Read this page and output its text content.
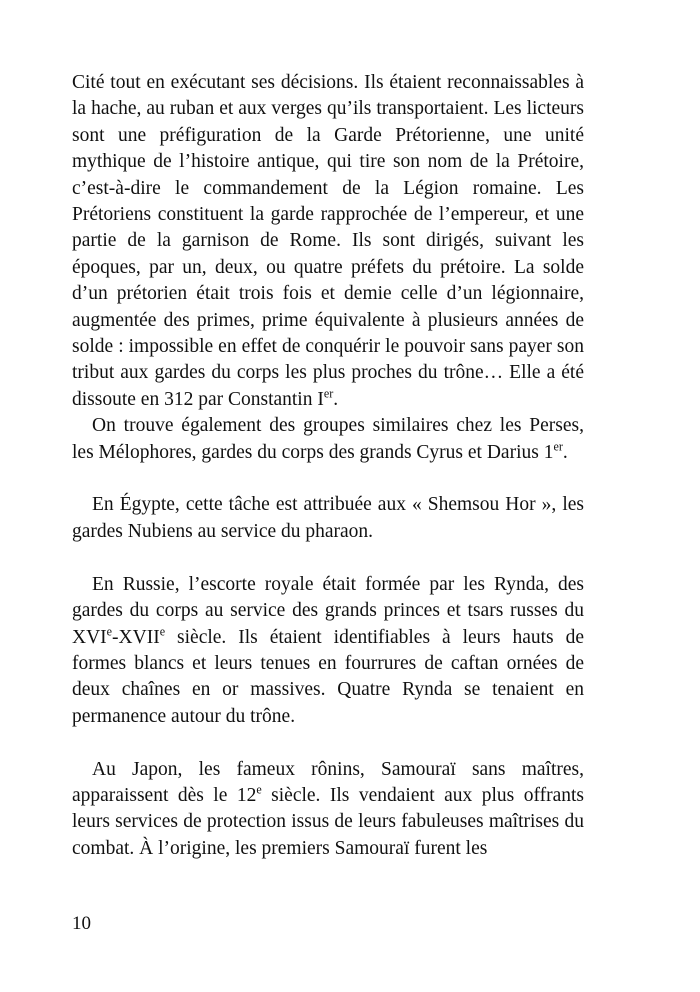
Cité tout en exécutant ses décisions. Ils étaient reconnaissables à la hache, au ruban et aux verges qu’ils transportaient. Les licteurs sont une préfiguration de la Garde Prétorienne, une unité mythique de l’histoire antique, qui tire son nom de la Prétoire, c’est-à-dire le commandement de la Légion romaine. Les Prétoriens constituent la garde rapprochée de l’empereur, et une partie de la garnison de Rome. Ils sont dirigés, suivant les époques, par un, deux, ou quatre préfets du prétoire. La solde d’un prétorien était trois fois et demie celle d’un légionnaire, augmentée des primes, prime équivalente à plusieurs années de solde : impossible en effet de conquérir le pouvoir sans payer son tribut aux gardes du corps les plus proches du trône… Elle a été dissoute en 312 par Constantin Ier.

On trouve également des groupes similaires chez les Perses, les Mélophores, gardes du corps des grands Cyrus et Darius 1er.

En Égypte, cette tâche est attribuée aux « Shemsou Hor », les gardes Nubiens au service du pharaon.

En Russie, l’escorte royale était formée par les Rynda, des gardes du corps au service des grands princes et tsars russes du XVIe-XVIIe siècle. Ils étaient identifiables à leurs hauts de formes blancs et leurs tenues en fourrures de caftan ornées de deux chaînes en or massives. Quatre Rynda se tenaient en permanence autour du trône.

Au Japon, les fameux rônins, Samouraï sans maîtres, apparaissent dès le 12e siècle. Ils vendaient aux plus offrants leurs services de protection issus de leurs fabuleuses maîtrises du combat. À l’origine, les premiers Samouraï furent les

10
